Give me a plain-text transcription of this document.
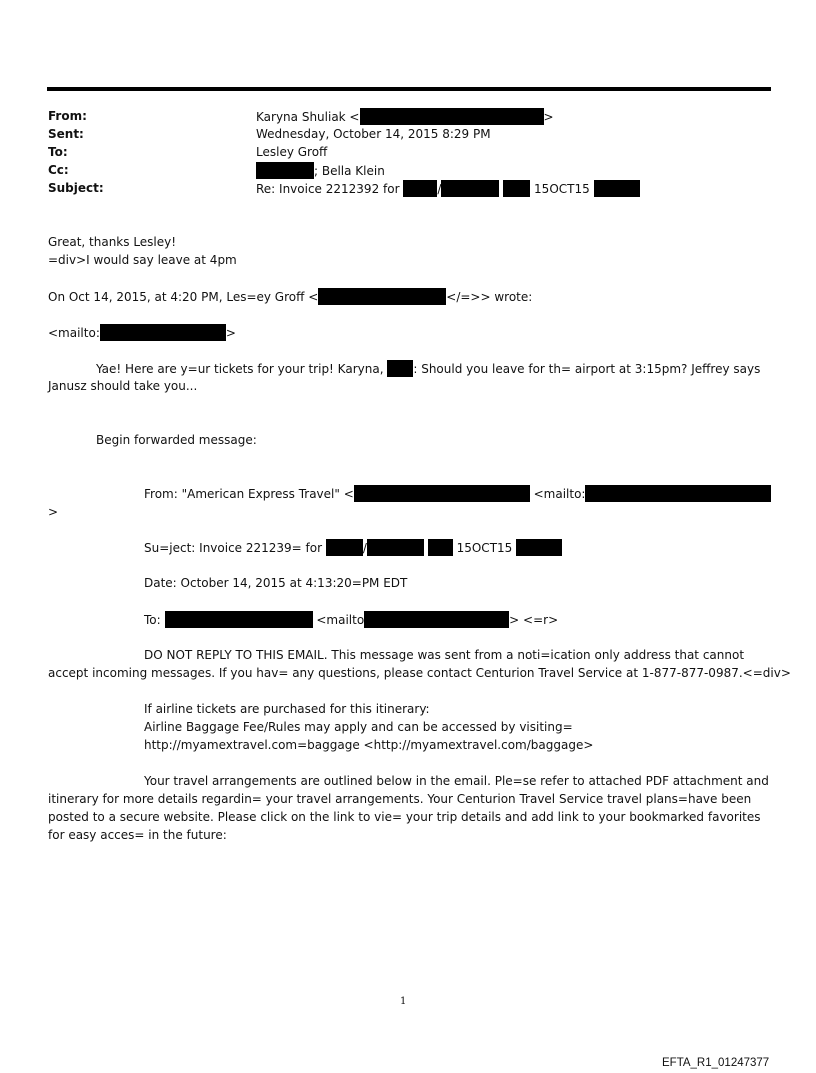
From:	Karyna Shuliak <	>
Sent:	Wednesday, October 14, 2015 8:29 PM
To:	Lesley Groff
Cc:	; Bella Klein
Subject:	Re: Invoice 2212392 for	/	15OCT15
Great, thanks Lesley!
=div>I would say leave at 4pm
On Oct 14, 2015, at 4:20 PM, Les=ey Groff <	</=>> wrote:
<mailto:	>
Yae! Here are y=ur tickets for your trip! Karyna, : Should you leave for th= airport at 3:15pm? Jeffrey says
Janusz should take you...
Begin forwarded message:
From: "American Express Travel" <	<mailto:
>
Su=ject: Invoice 221239= for	/	15OCT15
Date: October 14, 2015 at 4:13:20=PM EDT
To:	<mailto	> <=r>
DO NOT REPLY TO THIS EMAIL. This message was sent from a noti=ication only address that cannot
accept incoming messages. If you hav= any questions, please contact Centurion Travel Service at 1-877-877-0987.<=div>
If airline tickets are purchased for this itinerary:
Airline Baggage Fee/Rules may apply and can be accessed by visiting=
http://myamextravel.com=baggage <http://myamextravel.com/baggage>
Your travel arrangements are outlined below in the email. Ple=se refer to attached PDF attachment and
itinerary for more details regardin= your travel arrangements. Your Centurion Travel Service travel plans=have been
posted to a secure website. Please click on the link to vie= your trip details and add link to your bookmarked favorites
for easy acces= in the future:
1
EFTA_R1_01247377
